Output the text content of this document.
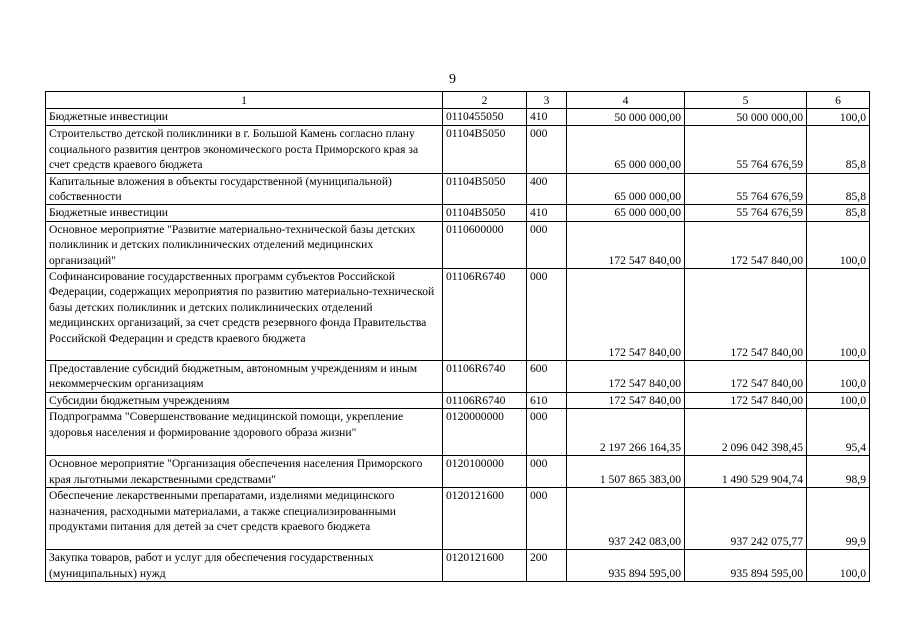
9
1	2	3	4	5	6
Бюджетные инвестиции	0110455050	410	50 000 000,00	50 000 000,00	100,0
Строительство детской поликлиники в г. Большой Камень согласно плану социального развития центров экономического роста Приморского края за счет средств краевого бюджета	01104B5050	000	65 000 000,00	55 764 676,59	85,8
Капитальные вложения в объекты государственной (муниципальной) собственности	01104B5050	400	65 000 000,00	55 764 676,59	85,8
Бюджетные инвестиции	01104B5050	410	65 000 000,00	55 764 676,59	85,8
Основное мероприятие "Развитие материально-технической базы детских поликлиник и детских поликлинических отделений медицинских организаций"	0110600000	000	172 547 840,00	172 547 840,00	100,0
Софинансирование государственных программ субъектов Российской Федерации, содержащих мероприятия по развитию материально-технической базы детских поликлиник и детских поликлинических отделений медицинских организаций, за счет средств резервного фонда Правительства Российской Федерации и средств краевого бюджета	01106R6740	000	172 547 840,00	172 547 840,00	100,0
Предоставление субсидий бюджетным, автономным учреждениям и иным некоммерческим организациям	01106R6740	600	172 547 840,00	172 547 840,00	100,0
Субсидии бюджетным учреждениям	01106R6740	610	172 547 840,00	172 547 840,00	100,0
Подпрограмма "Совершенствование медицинской помощи, укрепление здоровья населения и формирование здорового образа жизни"	0120000000	000	2 197 266 164,35	2 096 042 398,45	95,4
Основное мероприятие "Организация обеспечения населения Приморского края льготными лекарственными средствами"	0120100000	000	1 507 865 383,00	1 490 529 904,74	98,9
Обеспечение лекарственными препаратами, изделиями медицинского назначения, расходными материалами, а также специализированными продуктами питания для детей за счет средств краевого бюджета	0120121600	000	937 242 083,00	937 242 075,77	99,9
Закупка товаров, работ и услуг для обеспечения государственных (муниципальных) нужд	0120121600	200	935 894 595,00	935 894 595,00	100,0
